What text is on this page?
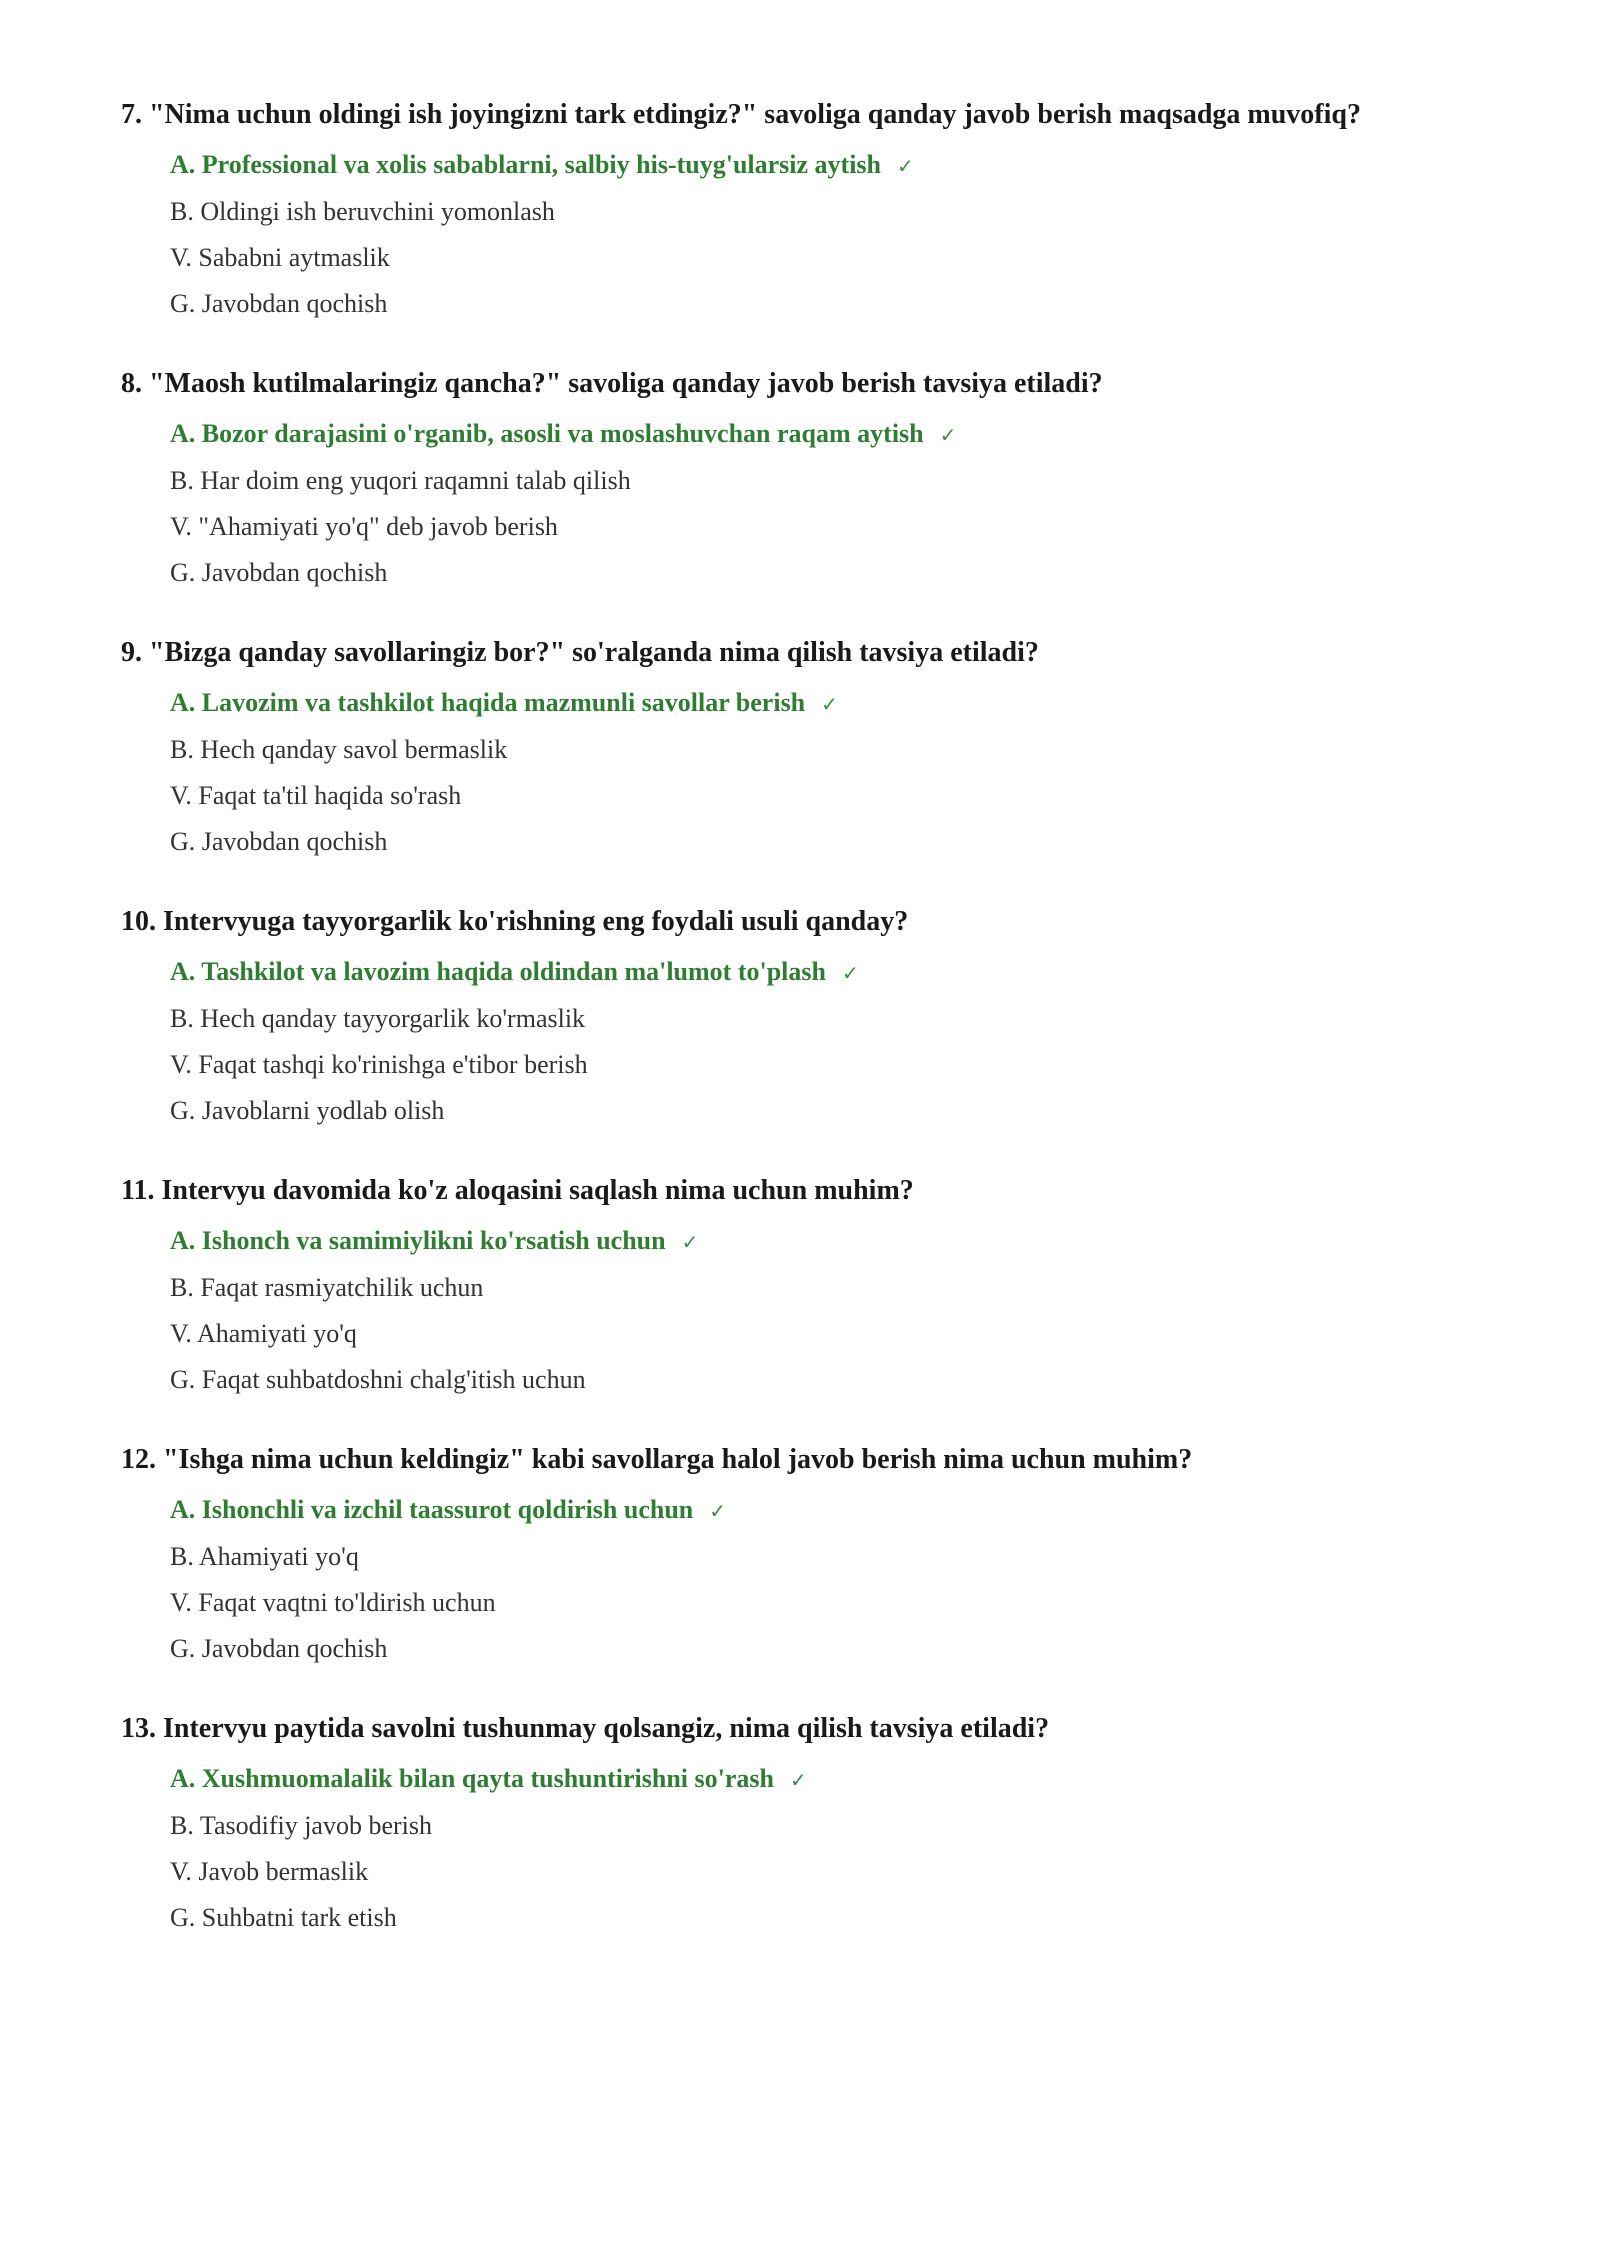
7. "Nima uchun oldingi ish joyingizni tark etdingiz?" savoliga qanday javob berish maqsadga muvofiq?

A. Professional va xolis sabablarni, salbiy his-tuyg'ularsiz aytish ✓
B. Oldingi ish beruvchini yomonlash
V. Sababni aytmaslik
G. Javobdan qochish

8. "Maosh kutilmalaringiz qancha?" savoliga qanday javob berish tavsiya etiladi?

A. Bozor darajasini o'rganib, asosli va moslashuvchan raqam aytish ✓
B. Har doim eng yuqori raqamni talab qilish
V. "Ahamiyati yo'q" deb javob berish
G. Javobdan qochish

9. "Bizga qanday savollaringiz bor?" so'ralganda nima qilish tavsiya etiladi?

A. Lavozim va tashkilot haqida mazmunli savollar berish ✓
B. Hech qanday savol bermaslik
V. Faqat ta'til haqida so'rash
G. Javobdan qochish

10. Intervyuga tayyorgarlik ko'rishning eng foydali usuli qanday?

A. Tashkilot va lavozim haqida oldindan ma'lumot to'plash ✓
B. Hech qanday tayyorgarlik ko'rmaslik
V. Faqat tashqi ko'rinishga e'tibor berish
G. Javoblarni yodlab olish

11. Intervyu davomida ko'z aloqasini saqlash nima uchun muhim?

A. Ishonch va samimiylikni ko'rsatish uchun ✓
B. Faqat rasmiyatchilik uchun
V. Ahamiyati yo'q
G. Faqat suhbatdoshni chalg'itish uchun

12. "Ishga nima uchun keldingiz" kabi savollarga halol javob berish nima uchun muhim?

A. Ishonchli va izchil taassurot qoldirish uchun ✓
B. Ahamiyati yo'q
V. Faqat vaqtni to'ldirish uchun
G. Javobdan qochish

13. Intervyu paytida savolni tushunmay qolsangiz, nima qilish tavsiya etiladi?

A. Xushmuomalalik bilan qayta tushuntirishni so'rash ✓
B. Tasodifiy javob berish
V. Javob bermaslik
G. Suhbatni tark etish
